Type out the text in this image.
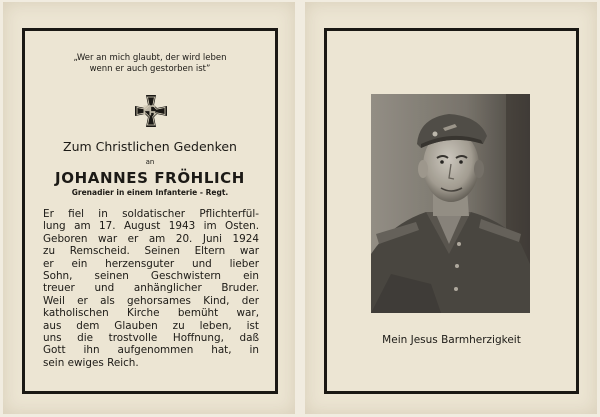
„Wer an mich glaubt, der wird leben
wenn er auch gestorben ist”
Zum Christlichen Gedenken
an
JOHANNES FRÖHLICH
Grenadier in einem Infanterie - Regt.
Er fiel in soldatischer Pflichterfül-
lung am 17. August 1943 im Osten.
Geboren war er am 20. Juni 1924
zu Remscheid. Seinen Eltern war
er ein herzensguter und lieber
Sohn, seinen Geschwistern ein
treuer und anhänglicher Bruder.
Weil er als gehorsames Kind, der
katholischen Kirche bemüht war,
aus dem Glauben zu leben, ist
uns die trostvolle Hoffnung, daß
Gott ihn aufgenommen hat, in
sein ewiges Reich.
Mein Jesus Barmherzigkeit
